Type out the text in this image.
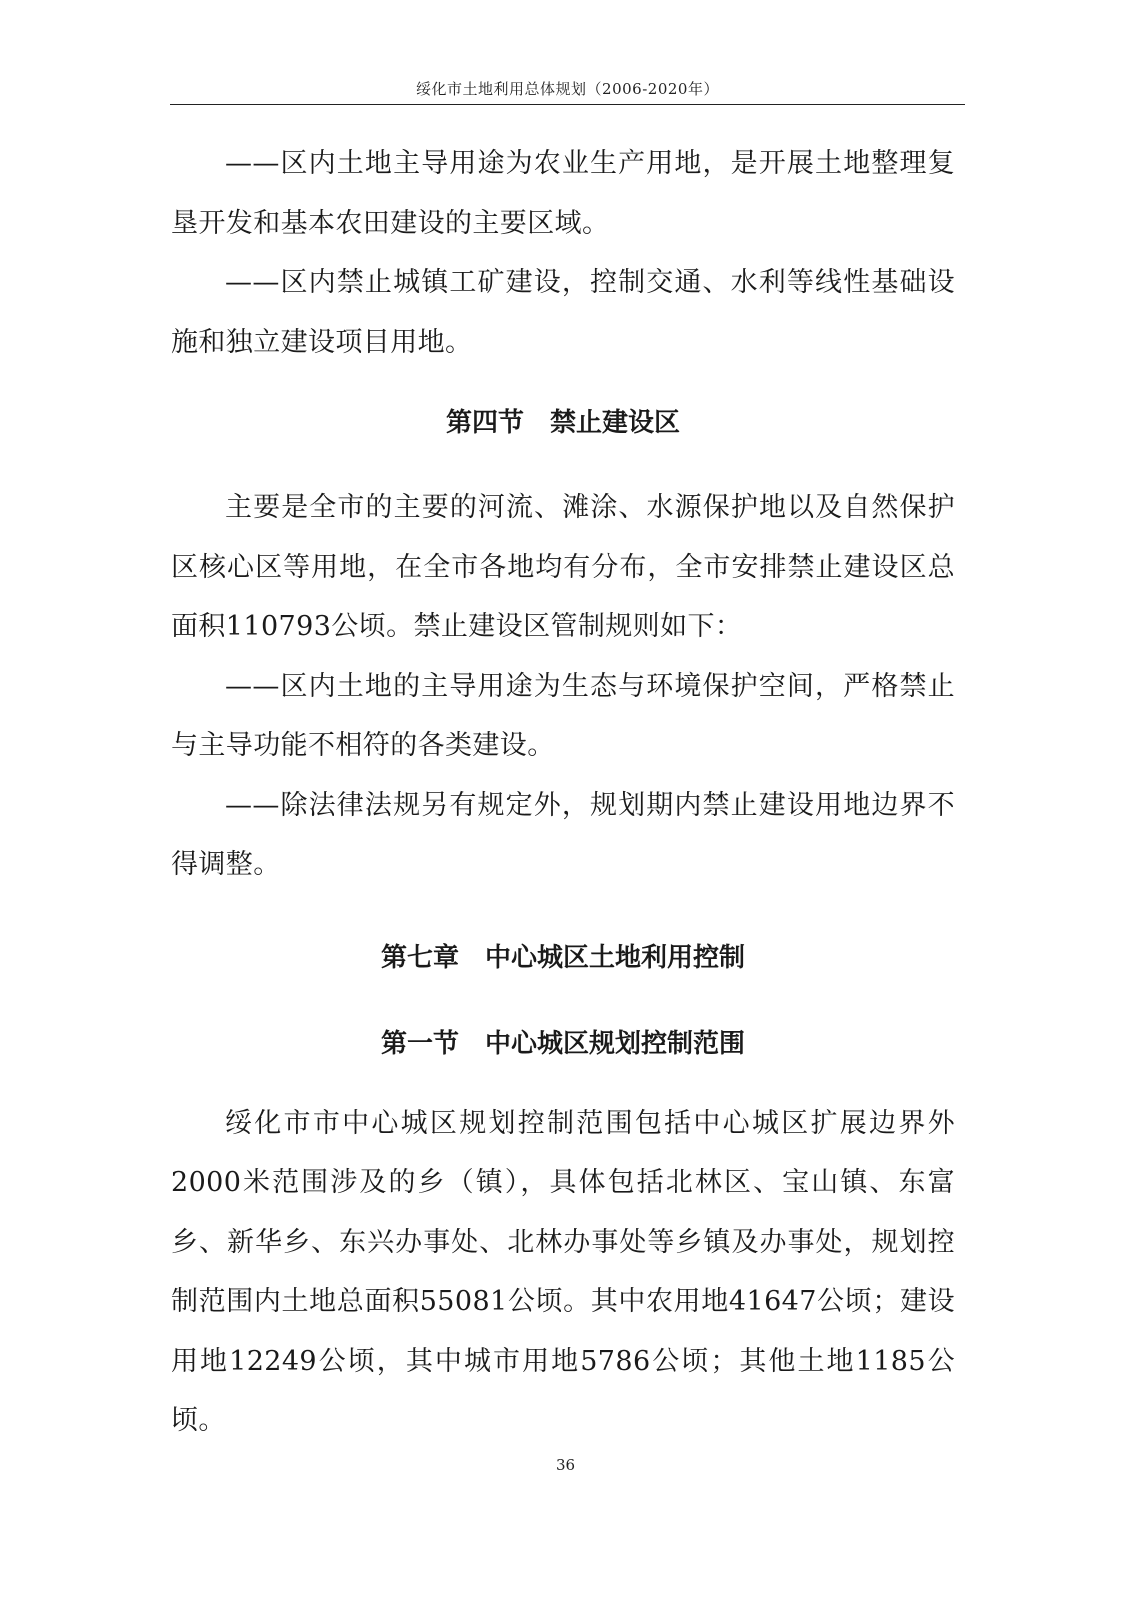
绥化市土地利用总体规划（2006-2020年）

——区内土地主导用途为农业生产用地，是开展土地整理复垦开发和基本农田建设的主要区域。

——区内禁止城镇工矿建设，控制交通、水利等线性基础设施和独立建设项目用地。

第四节　禁止建设区

主要是全市的主要的河流、滩涂、水源保护地以及自然保护区核心区等用地，在全市各地均有分布，全市安排禁止建设区总面积110793公顷。禁止建设区管制规则如下：

——区内土地的主导用途为生态与环境保护空间，严格禁止与主导功能不相符的各类建设。

——除法律法规另有规定外，规划期内禁止建设用地边界不得调整。

第七章　中心城区土地利用控制
第一节　中心城区规划控制范围

绥化市市中心城区规划控制范围包括中心城区扩展边界外2000米范围涉及的乡（镇），具体包括北林区、宝山镇、东富乡、新华乡、东兴办事处、北林办事处等乡镇及办事处，规划控制范围内土地总面积55081公顷。其中农用地41647公顷；建设用地12249公顷，其中城市用地5786公顷；其他土地1185公顷。

36
